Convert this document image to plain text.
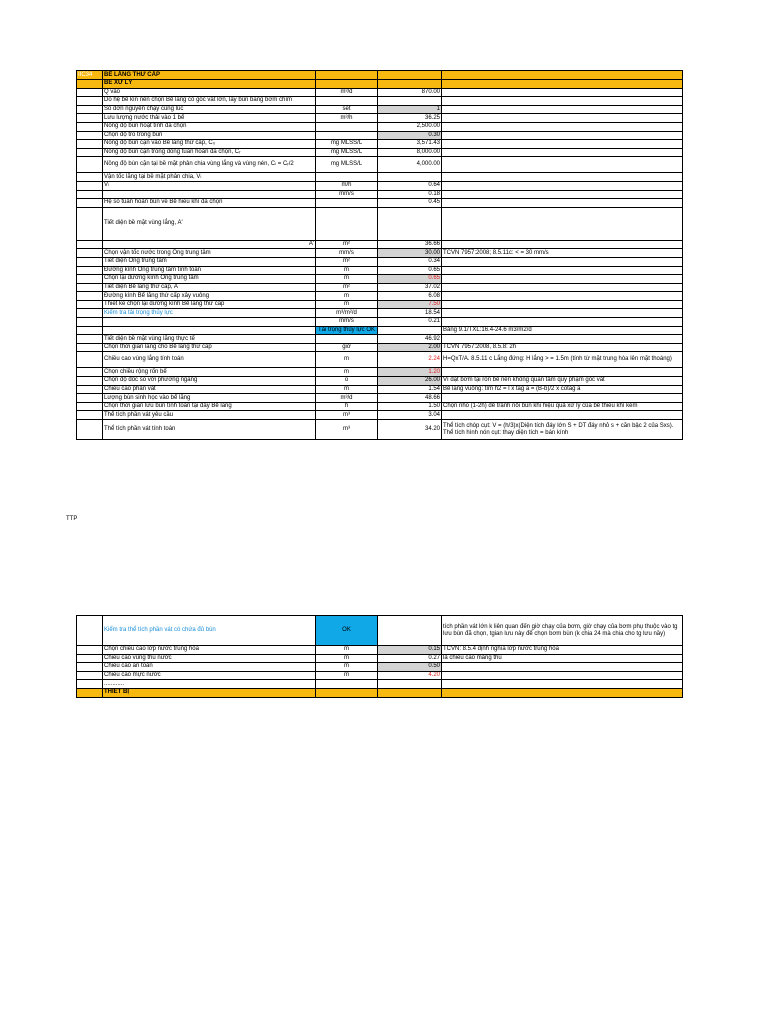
IIC34	BỂ LẮNG THỨ CẤP			
	BỂ XỬ LÝ			
	Q vào	m³/d	870.00	
	Do hệ bể kín nên chọn Bể lắng có góc vát lớn, lấy bùn bằng bơm chìm			
	Số đơn nguyên chạy cùng lúc	set	1	
	Lưu lượng nước thải vào 1 bể	m³/h	36.25	
	Nồng độ bùn hoạt tính đã chọn		2,500.00	
	Chọn độ tro trong bùn		0.30	
	Nồng độ bùn cặn vào Bể lắng thứ cấp, C₀	mg MLSS/L	3,571.43	
	Nồng độ bùn cặn trong dòng tuần hoàn đã chọn, Cᵣ	mg MLSS/L	8,000.00	
	Nồng độ bùn cặn tại bề mặt phân chia vùng lắng và vùng nén, Cₗ = Cᵣ/2	mg MLSS/L	4,000.00	
	Vận tốc lắng tại bề mặt phân chia, Vₗ			
	Vₗ	m/h	0.64	
		mm/s	0.18	
	Hệ số tuần hoàn bùn về Bể hiếu khí đã chọn		0.45	
	Tiết diện bề mặt vùng lắng, A'			
	A'	m²	36.66	
	Chọn vận tốc nước trong Ống trung tâm	mm/s	30.00	TCVN 7957:2008; 8.5.11c: < = 30 mm/s
	Tiết diện Ống trung tâm	m²	0.34	
	Đường kính Ống trung tâm tính toán	m	0.65	
	Chọn lại đường kính Ống trung tâm	m	0.65	
	Tiết diện Bể lắng thứ cấp, A	m²	37.02	
	Đường kính Bể lắng thứ cấp xây vuông	m	6.08	
	Thiết kế chọn lại đường kính Bể lắng thứ cấp	m	7.50	
	Kiểm tra tải trọng thủy lực	m³/m²/d	18.54	
		mm/s	0.21	
		Tải trọng thủy lực OK		Bảng 9.1/TXL:16.4-24.6 m3/m2/d
	Tiết diện bề mặt vùng lắng thực tế		46.92	
	Chọn thời gian lắng cho Bể lắng thứ cấp	giờ	2.00	TCVN 7957:2008, 8.5.8: 2h
	Chiều cao vùng lắng tính toán	m	2.24	H=QxT/A. 8.5.11 c Lắng đứng: H lắng > = 1.5m (tính từ mặt trung hòa lên mặt thoáng)
	Chọn chiều rộng rốn bể	m	1.20	
	Chọn độ dốc so với phương ngang	o	26.00	Vì đặt bơm tại rốn bể nên không quan tâm quy phạm góc vát
	Chiều cao phần vát	m	1.54	Bể lắng vuông: tìm h2 = l x tag a = (B-b)/2 x cotag a
	Lượng bùn sinh học vào bể lắng	m³/d	48.66	
	Chọn thời gian lưu bùn tính toán tại đáy Bể lắng	h	1.50	Chọn nhỏ (1-2h) để tránh nổi bùn khi hiệu quả xử lý của bể thiếu khí kém
	Thể tích phần vát yêu cầu	m³	3.04	
	Thể tích phần vát tính toán	m³	34.20	Thể tích chóp cụt: V = (h/3)x(Diện tích đáy lớn S + DT đáy nhỏ s + căn bậc 2 của Sxs). Thể tích hình nón cụt: thay diện tích = bán kính
TTP
	Kiểm tra thể tích phần vát có chứa đủ bùn	OK		tích phần vát lớn k liên quan đến giờ chạy của bơm, giờ chạy của bơm phụ thuộc vào tg lưu bùn đã chọn, tgian lưu này để chọn bơm bùn (k chia 24 mà chia cho tg lưu nầy)
	Chọn chiều cao lớp nước trung hòa	m	0.15	TCVN: 8.5.4 định nghĩa lớp nước trung hòa
	Chiều cao vùng thu nước	m	0.27	là chiều cao máng thu
	Chiều cao an toàn	m	0.50	
	Chiều cao mực nước	m	4.20	
	............			
	THIẾT BỊ			
